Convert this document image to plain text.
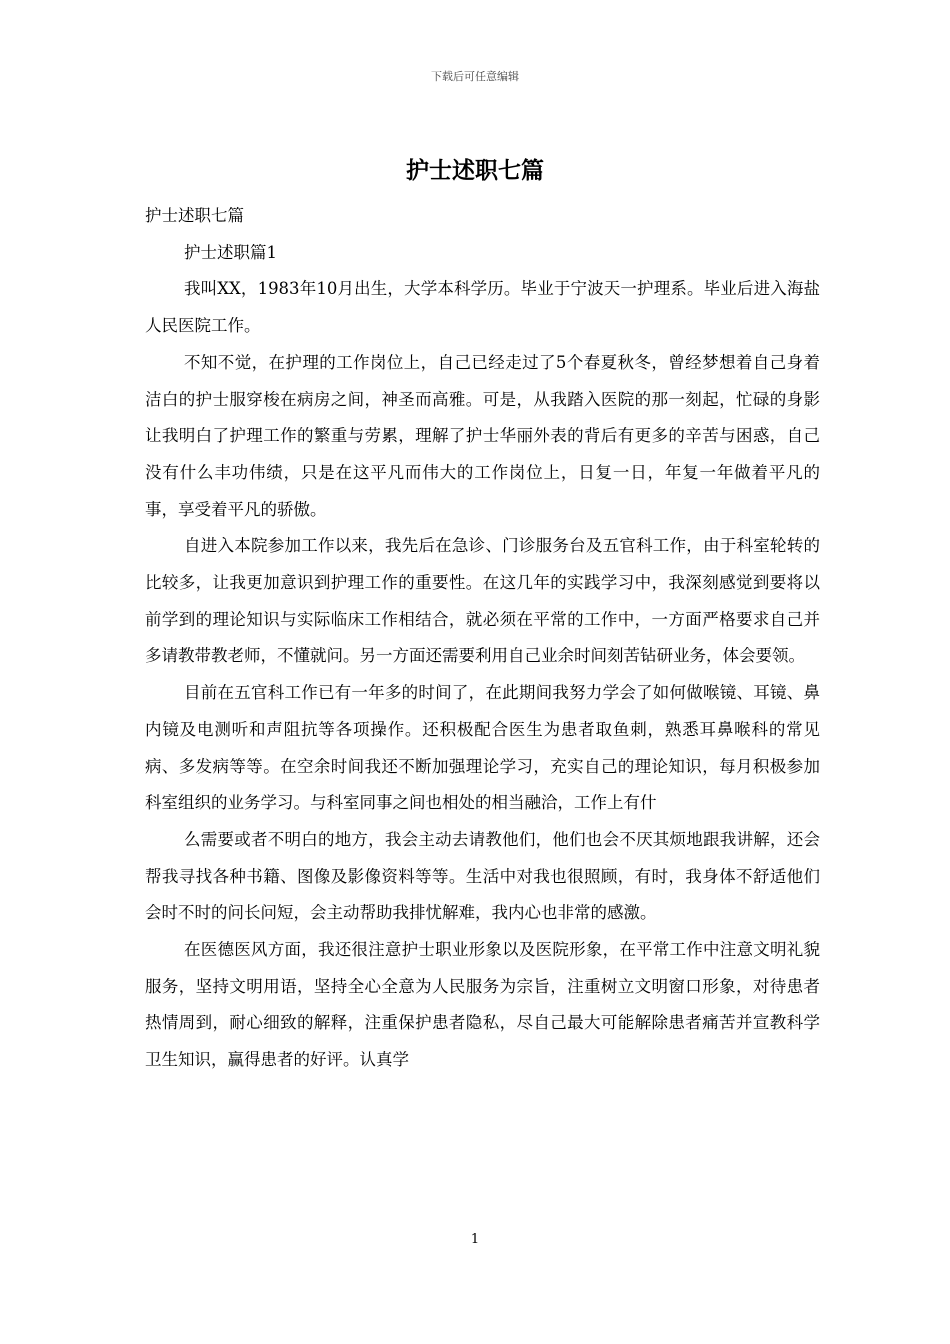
下载后可任意编辑
护士述职七篇

护士述职七篇

护士述职篇1

我叫XX，1983年10月出生，大学本科学历。毕业于宁波天一护理系。毕业后进入海盐人民医院工作。

不知不觉，在护理的工作岗位上，自己已经走过了5个春夏秋冬，曾经梦想着自己身着洁白的护士服穿梭在病房之间，神圣而高雅。可是，从我踏入医院的那一刻起，忙碌的身影让我明白了护理工作的繁重与劳累，理解了护士华丽外表的背后有更多的辛苦与困惑，自己没有什么丰功伟绩，只是在这平凡而伟大的工作岗位上，日复一日，年复一年做着平凡的事，享受着平凡的骄傲。

自进入本院参加工作以来，我先后在急诊、门诊服务台及五官科工作，由于科室轮转的比较多，让我更加意识到护理工作的重要性。在这几年的实践学习中，我深刻感觉到要将以前学到的理论知识与实际临床工作相结合，就必须在平常的工作中，一方面严格要求自己并多请教带教老师，不懂就问。另一方面还需要利用自己业余时间刻苦钻研业务，体会要领。

目前在五官科工作已有一年多的时间了，在此期间我努力学会了如何做喉镜、耳镜、鼻内镜及电测听和声阻抗等各项操作。还积极配合医生为患者取鱼刺，熟悉耳鼻喉科的常见病、多发病等等。在空余时间我还不断加强理论学习，充实自己的理论知识，每月积极参加科室组织的业务学习。与科室同事之间也相处的相当融洽，工作上有什

么需要或者不明白的地方，我会主动去请教他们，他们也会不厌其烦地跟我讲解，还会帮我寻找各种书籍、图像及影像资料等等。生活中对我也很照顾，有时，我身体不舒适他们会时不时的问长问短，会主动帮助我排忧解难，我内心也非常的感激。

在医德医风方面，我还很注意护士职业形象以及医院形象，在平常工作中注意文明礼貌服务，坚持文明用语，坚持全心全意为人民服务为宗旨，注重树立文明窗口形象，对待患者热情周到，耐心细致的解释，注重保护患者隐私，尽自己最大可能解除患者痛苦并宣教科学卫生知识，赢得患者的好评。认真学

1
